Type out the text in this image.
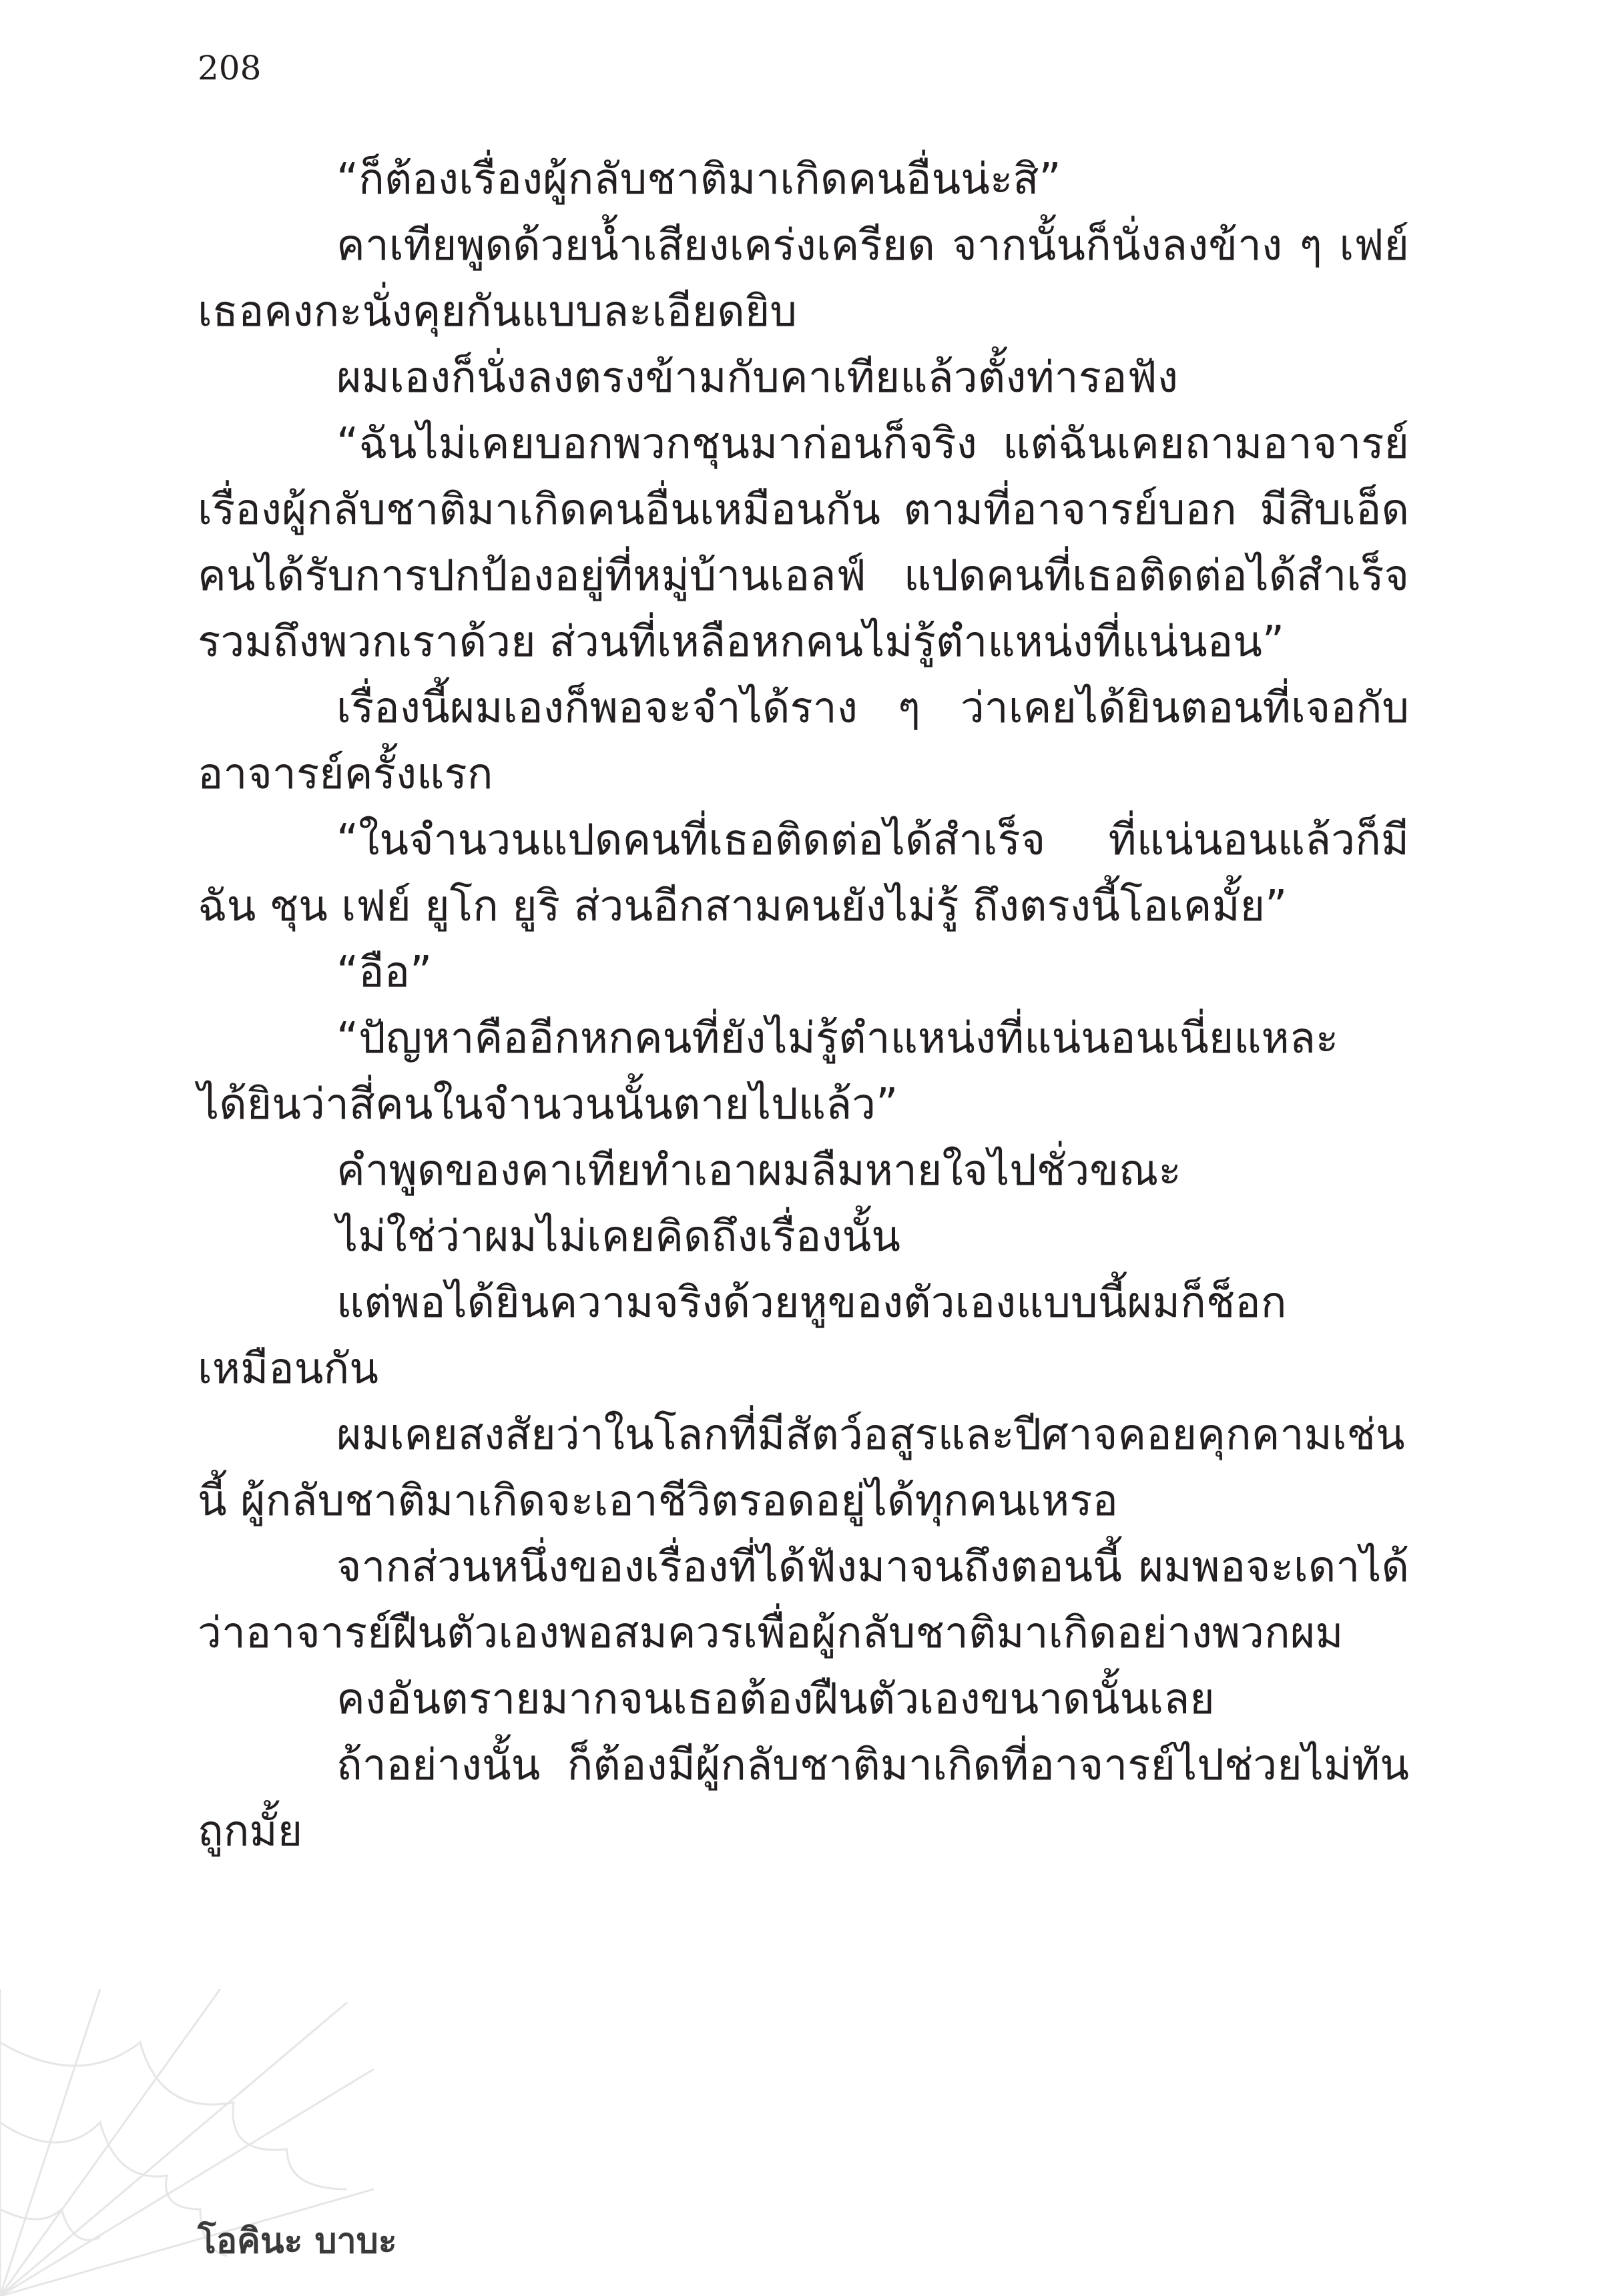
208

“ก็ต้องเรื่องผู้กลับชาติมาเกิดคนอื่นน่ะสิ”

คาเทียพูดด้วยน้ำเสียงเคร่งเครียด จากนั้นก็นั่งลงข้าง ๆ เฟย์ เธอคงกะนั่งคุยกันแบบละเอียดยิบ

ผมเองก็นั่งลงตรงข้ามกับคาเทียแล้วตั้งท่ารอฟัง

“ฉันไม่เคยบอกพวกชุนมาก่อนก็จริง แต่ฉันเคยถามอาจารย์เรื่องผู้กลับชาติมาเกิดคนอื่นเหมือนกัน ตามที่อาจารย์บอก มีสิบเอ็ดคนได้รับการปกป้องอยู่ที่หมู่บ้านเอลฟ์ แปดคนที่เธอติดต่อได้สำเร็จรวมถึงพวกเราด้วย ส่วนที่เหลือหกคนไม่รู้ตำแหน่งที่แน่นอน”

เรื่องนี้ผมเองก็พอจะจำได้ราง ๆ ว่าเคยได้ยินตอนที่เจอกับอาจารย์ครั้งแรก

“ในจำนวนแปดคนที่เธอติดต่อได้สำเร็จ ที่แน่นอนแล้วก็มีฉัน ชุน เฟย์ ยูโก ยูริ ส่วนอีกสามคนยังไม่รู้ ถึงตรงนี้โอเคมั้ย”

“อือ”

“ปัญหาคืออีกหกคนที่ยังไม่รู้ตำแหน่งที่แน่นอนเนี่ยแหละ ได้ยินว่าสี่คนในจำนวนนั้นตายไปแล้ว”

คำพูดของคาเทียทำเอาผมลืมหายใจไปชั่วขณะ

ไม่ใช่ว่าผมไม่เคยคิดถึงเรื่องนั้น

แต่พอได้ยินความจริงด้วยหูของตัวเองแบบนี้ผมก็ช็อกเหมือนกัน

ผมเคยสงสัยว่าในโลกที่มีสัตว์อสูรและปีศาจคอยคุกคามเช่นนี้ ผู้กลับชาติมาเกิดจะเอาชีวิตรอดอยู่ได้ทุกคนเหรอ

จากส่วนหนึ่งของเรื่องที่ได้ฟังมาจนถึงตอนนี้ ผมพอจะเดาได้ว่าอาจารย์ฝืนตัวเองพอสมควรเพื่อผู้กลับชาติมาเกิดอย่างพวกผม

คงอันตรายมากจนเธอต้องฝืนตัวเองขนาดนั้นเลย

ถ้าอย่างนั้น ก็ต้องมีผู้กลับชาติมาเกิดที่อาจารย์ไปช่วยไม่ทันถูกมั้ย

โอคินะ บาบะ
